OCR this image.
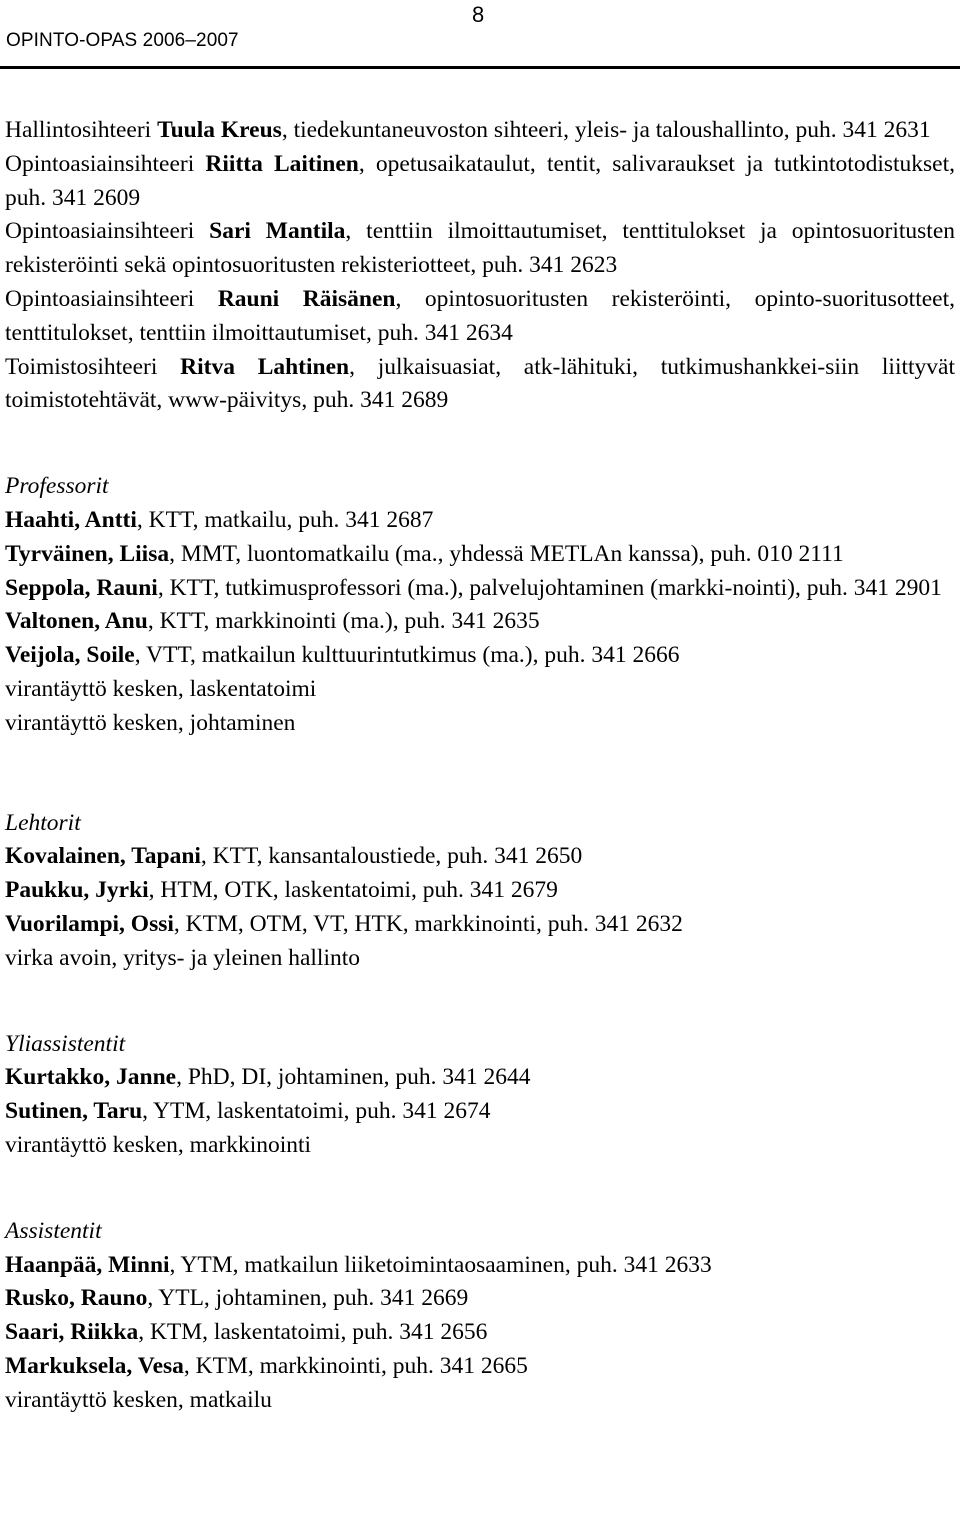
OPINTO-OPAS 2006–2007
8

Hallintosihteeri Tuula Kreus, tiedekuntaneuvoston sihteeri, yleis- ja taloushallinto, puh. 341 2631

Opintoasiainsihteeri Riitta Laitinen, opetusaikataulut, tentit, salivaraukset ja tutkintotodistukset, puh. 341 2609

Opintoasiainsihteeri Sari Mantila, tenttiin ilmoittautumiset, tenttitulokset ja opintosuoritusten rekisteröinti sekä opintosuoritusten rekisteriotteet, puh. 341 2623

Opintoasiainsihteeri Rauni Räisänen, opintosuoritusten rekisteröinti, opinto-suoritusotteet, tenttitulokset, tenttiin ilmoittautumiset, puh. 341 2634

Toimistosihteeri Ritva Lahtinen, julkaisuasiat, atk-lähituki, tutkimushankkei-siin liittyvät toimistotehtävät, www-päivitys, puh. 341 2689

Professorit

Haahti, Antti, KTT, matkailu, puh. 341 2687

Tyrväinen, Liisa, MMT, luontomatkailu (ma., yhdessä METLAn kanssa), puh. 010 2111

Seppola, Rauni, KTT, tutkimusprofessori (ma.), palvelujohtaminen (markki-nointi), puh. 341 2901

Valtonen, Anu, KTT, markkinointi (ma.), puh. 341 2635

Veijola, Soile, VTT, matkailun kulttuurintutkimus (ma.), puh. 341 2666

virantäyttö kesken, laskentatoimi

virantäyttö kesken, johtaminen

Lehtorit

Kovalainen, Tapani, KTT, kansantaloustiede, puh. 341 2650

Paukku, Jyrki, HTM, OTK, laskentatoimi, puh. 341 2679

Vuorilampi, Ossi, KTM, OTM, VT, HTK, markkinointi, puh. 341 2632

virka avoin, yritys- ja yleinen hallinto

Yliassistentit

Kurtakko, Janne, PhD, DI, johtaminen, puh. 341 2644

Sutinen, Taru, YTM, laskentatoimi, puh. 341 2674

virantäyttö kesken, markkinointi

Assistentit

Haanpää, Minni, YTM, matkailun liiketoimintaosaaminen, puh. 341 2633

Rusko, Rauno, YTL, johtaminen, puh. 341 2669

Saari, Riikka, KTM, laskentatoimi, puh. 341 2656

Markuksela, Vesa, KTM, markkinointi, puh. 341 2665

virantäyttö kesken, matkailu
